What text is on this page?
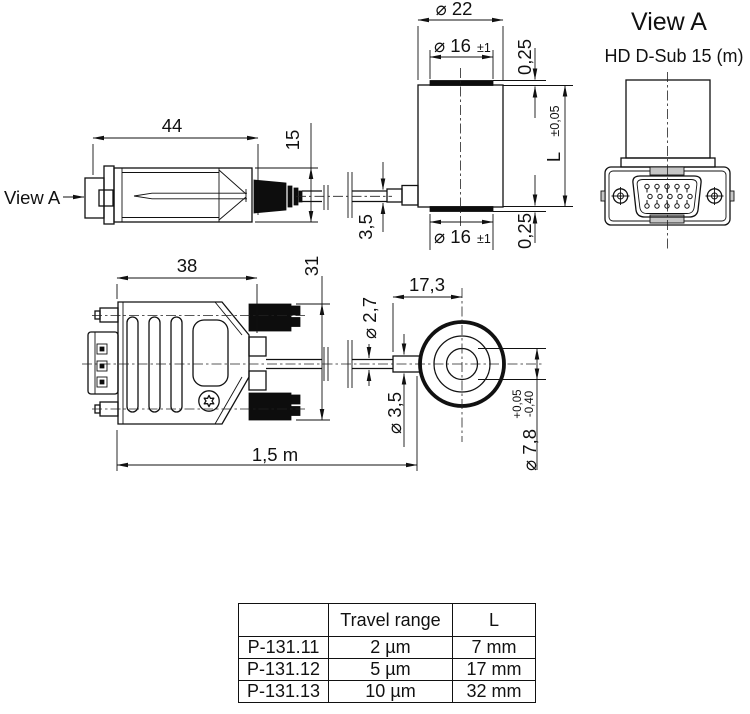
View A
44
15
⌀ 22
⌀ 16 ±1 0,25
±0,05
L
0,25
⌀ 16 ±1
3,5
View A
HD D-Sub 15 (m)
38	31
1,5 m
17,3
⌀ 2,7
⌀ 3,5	+0,05 -0,40
⌀ 7,8
	Travel range	L
P-131.11	2 µm	7 mm
P-131.12	5 µm	17 mm
P-131.13	10 µm	32 mm
